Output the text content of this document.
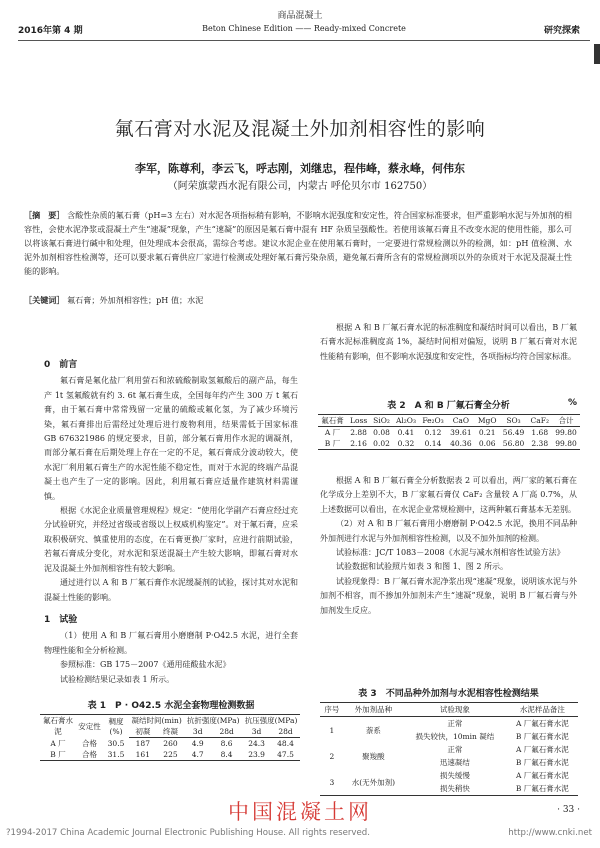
商品混凝土
2016年第 4 期	Beton Chinese Edition —— Ready-mixed Concrete	研究探索
氟石膏对水泥及混凝土外加剂相容性的影响
李军，陈尊利，李云飞，呼志刚，刘继忠，程伟峰，蔡永峰，何伟东
（阿荣旗蒙西水泥有限公司，内蒙古 呼伦贝尔市 162750）
［摘　要］ 含酸性杂质的氟石膏（pH=3 左右）对水泥各项指标稍有影响，不影响水泥强度和安定性，符合国家标准要求，但严重影响水泥与外加剂的相容性，会使水泥净浆或混凝土产生“速凝”现象，产生“速凝”的原因是氟石膏中混有 HF 杂质呈强酸性。若使用该氟石膏且不改变水泥的使用性能，那么可以将该氟石膏进行碱中和处理，但处理成本会很高，需综合考虑。建议水泥企业在使用氟石膏时，一定要进行常规检测以外的检测，如：pH 值检测、水泥外加剂相容性检测等，还可以要求氟石膏供应厂家进行检测或处理好氟石膏污染杂质，避免氟石膏所含有的常规检测项以外的杂质对于水泥及混凝土性能的影响。
［关键词］ 氟石膏；外加剂相容性；pH 值；水泥

0　前言

氟石膏是氟化盐厂利用萤石和浓硫酸制取氢氟酸后的副产品，每生产 1t 氢氟酸就有约 3. 6t 氟石膏生成，全国每年约产生 300 万 t 氟石膏，由于氟石膏中常常残留一定量的硫酸或氟化氢，为了减少环境污染，氟石膏排出后需经过处理后进行废物利用，结果需低于国家标准 GB 676321986 的规定要求，目前，部分氟石膏用作水泥的调凝剂，而部分氟石膏在后期处理上存在一定的不足，氟石膏成分波动较大，使水泥厂利用氟石膏生产的水泥性能不稳定性，而对于水泥的终端产品混凝土也产生了一定的影响。因此，利用氟石膏应适量作建筑材料需谨慎。

根据《水泥企业质量管理规程》规定：“使用化学副产石膏应经过充分试验研究，并经过省级或省级以上权威机构鉴定”。对于氟石膏，应采取积极研究、慎重使用的态度，在石膏更换厂家时，应进行前期试验，若氟石膏成分变化，对水泥和泵送混凝土产生较大影响，即氟石膏对水泥及混凝土外加剂相容性有较大影响。

通过进行以 A 和 B 厂氟石膏作水泥缓凝剂的试验，探讨其对水泥和混凝土性能的影响。

1　试验

（1）使用 A 和 B 厂氟石膏用小磨磨制 P·O42.5 水泥，进行全套物理性能和全分析检测。

参照标准：GB 175－2007《通用硅酸盐水泥》

试验检测结果记录如表 1 所示。

表 1　P · O42.5 水泥全套物理检测数据
氟石膏水泥	安定性	稠度(%)	凝结时间(min)		抗折强度(MPa)		抗压强度(MPa)	
			初凝	终凝	3d	28d	3d	28d
A 厂	合格	30.5	187	260	4.9	8.6	24.3	48.4
B 厂	合格	31.5	161	225	4.7	8.4	23.9	47.5

根据 A 和 B 厂氟石膏水泥的标准稠度和凝结时间可以看出，B 厂氟石膏水泥标准稠度高 1%，凝结时间相对偏短，说明 B 厂氟石膏对水泥性能稍有影响，但不影响水泥强度和安定性，各项指标均符合国家标准。

表 2　A 和 B 厂氟石膏全分析	%
氟石膏	Loss	SiO₂	Al₂O₃	Fe₂O₃	CaO	MgO	SO₃	CaF₂	合计
A 厂	2.88	0.08	0.41	0.12	39.61	0.21	56.49	1.68	99.80
B 厂	2.16	0.02	0.32	0.14	40.36	0.06	56.80	2.38	99.80

根据 A 和 B 厂氟石膏全分析数据表 2 可以看出，两厂家的氟石膏在化学成分上差别不大，B 厂家氟石膏仅 CaF₂ 含量较 A 厂高 0.7%，从上述数据可以看出，在水泥企业常规检测中，这两种氟石膏基本无差别。

（2）对 A 和 B 厂氟石膏用小磨磨制 P·O42.5 水泥，换用不同品种外加剂进行水泥与外加剂相容性检测，以及不加外加剂的检测。

试验标准：JC/T 1083－2008《水泥与减水剂相容性试验方法》

试验数据和试验照片如表 3 和图 1、图 2 所示。

试验现象得：B 厂氟石膏水泥净浆出现“速凝”现象，说明该水泥与外加剂不相容，而不掺加外加剂未产生“速凝”现象，说明 B 厂氟石膏与外加剂发生反应。

表 3　不同品种外加剂与水泥相容性检测结果
序号	外加剂品种	试验现象	水泥样品备注
1	萘系	正常	A 厂氟石膏水泥
		损失较快，10min 凝结	B 厂氟石膏水泥
2	聚羧酸	正常	A 厂氟石膏水泥
		迅速凝结	B 厂氟石膏水泥
3	水(无外加剂)	损失缓慢	A 厂氟石膏水泥
		损失稍快	B 厂氟石膏水泥
中国混凝土网	· 33 ·
?1994-2017 China Academic Journal Electronic Publishing House. All rights reserved.	http://www.cnki.net
